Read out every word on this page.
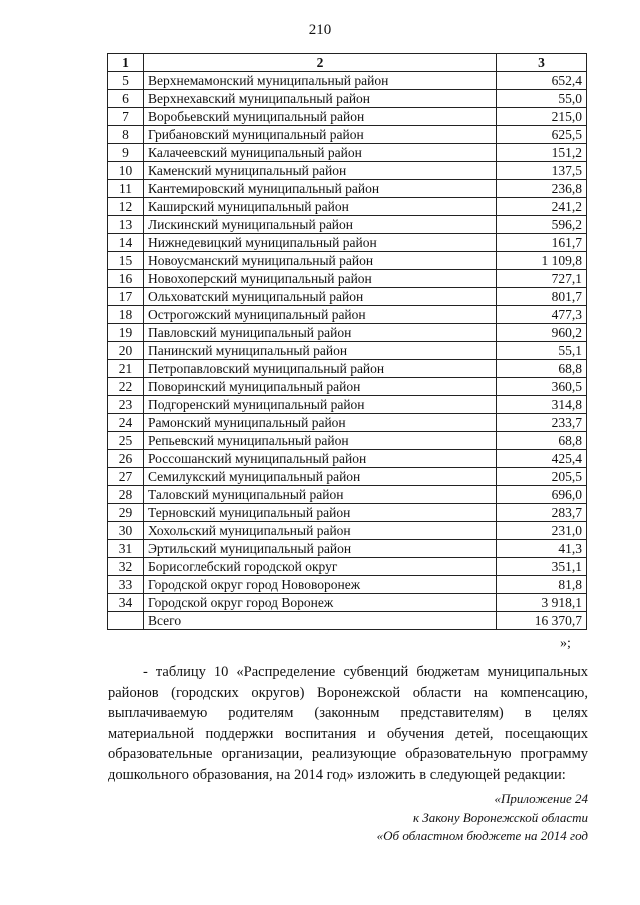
210
1	2	3
5	Верхнемамонский муниципальный район	652,4
6	Верхнехавский муниципальный район	55,0
7	Воробьевский муниципальный район	215,0
8	Грибановский муниципальный район	625,5
9	Калачеевский муниципальный район	151,2
10	Каменский муниципальный район	137,5
11	Кантемировский муниципальный район	236,8
12	Каширский муниципальный район	241,2
13	Лискинский муниципальный район	596,2
14	Нижнедевицкий муниципальный район	161,7
15	Новоусманский муниципальный район	1 109,8
16	Новохоперский муниципальный район	727,1
17	Ольховатский муниципальный район	801,7
18	Острогожский муниципальный район	477,3
19	Павловский муниципальный район	960,2
20	Панинский муниципальный район	55,1
21	Петропавловский муниципальный район	68,8
22	Поворинский муниципальный район	360,5
23	Подгоренский муниципальный район	314,8
24	Рамонский муниципальный район	233,7
25	Репьевский муниципальный район	68,8
26	Россошанский муниципальный район	425,4
27	Семилукский муниципальный район	205,5
28	Таловский муниципальный район	696,0
29	Терновский муниципальный район	283,7
30	Хохольский муниципальный район	231,0
31	Эртильский муниципальный район	41,3
32	Борисоглебский городской округ	351,1
33	Городской округ город Нововоронеж	81,8
34	Городской округ город Воронеж	3 918,1
	Всего	16 370,7
»;

- таблицу 10 «Распределение субвенций бюджетам муниципальных районов (городских округов) Воронежской области на компенсацию, выплачиваемую родителям (законным представителям) в целях материальной поддержки воспитания и обучения детей, посещающих образовательные организации, реализующие образовательную программу дошкольного образования, на 2014 год» изложить в следующей редакции:

«Приложение 24
к Закону Воронежской области
«Об областном бюджете на 2014 год
